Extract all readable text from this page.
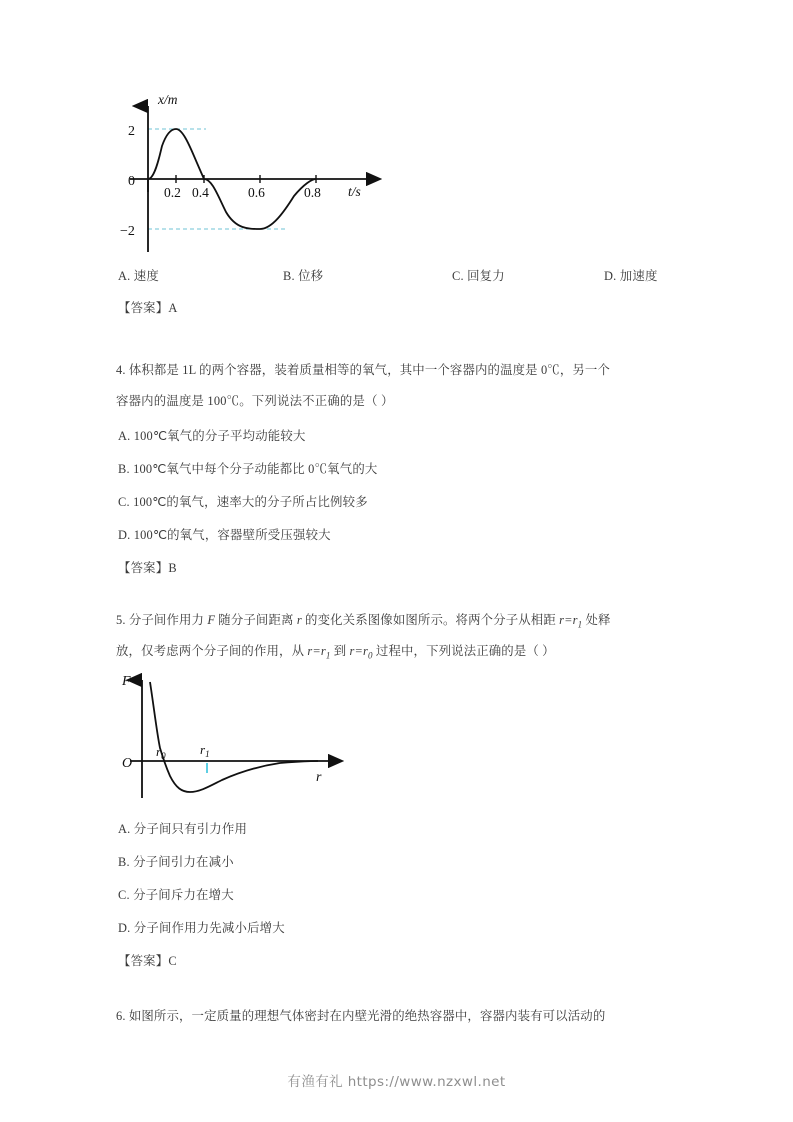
x/m
t/s
2
0
−2
0.2 0.4	0.6	0.8
A. 速度	B. 位移	C. 回复力	D. 加速度
【答案】A
4. 体积都是 1L 的两个容器，装着质量相等的氧气，其中一个容器内的温度是 0℃，另一个
容器内的温度是 100℃。下列说法不正确的是（ ）
A. 100℃氧气的分子平均动能较大
B. 100℃氧气中每个分子动能都比 0℃氧气的大
C. 100℃的氧气，速率大的分子所占比例较多
D. 100℃的氧气，容器壁所受压强较大
【答案】B
5. 分子间作用力 F 随分子间距离 r 的变化关系图像如图所示。将两个分子从相距 $r=r_1$ 处释
放，仅考虑两个分子间的作用，从 $r=r_1$ 到 $r=r_0$ 过程中，下列说法正确的是（ ）
F
r
O
$r_0$	$r_1$
A. 分子间只有引力作用
B. 分子间引力在减小
C. 分子间斥力在增大
D. 分子间作用力先减小后增大
【答案】C
6. 如图所示，一定质量的理想气体密封在内壁光滑的绝热容器中，容器内装有可以活动的
有渔有礼 https://www.nzxwl.net
